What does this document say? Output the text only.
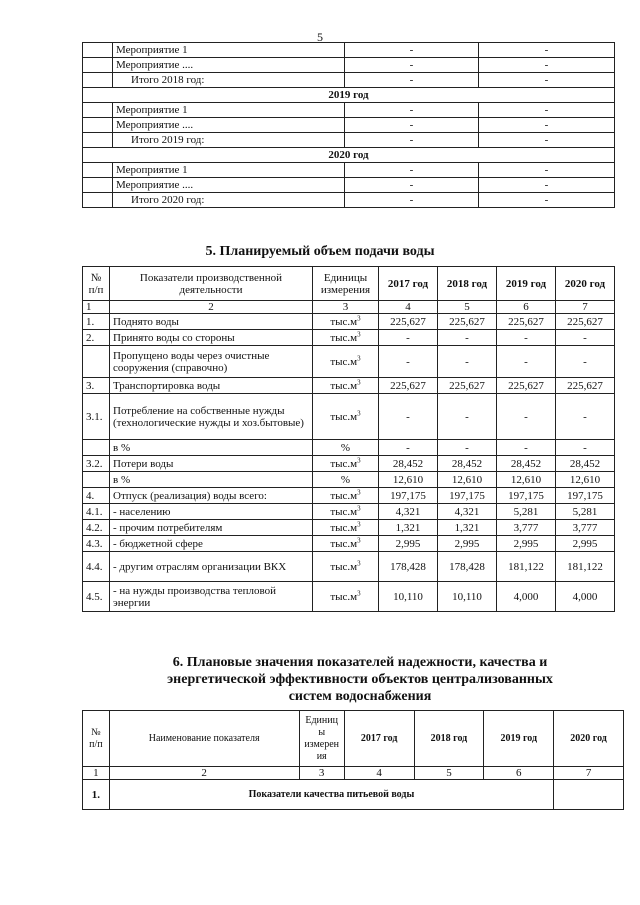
5
	Мероприятие 1	-	-
	Мероприятие ....	-	-
	Итого 2018 год:	-	-
2019 год			
	Мероприятие 1	-	-
	Мероприятие ....	-	-
	Итого 2019 год:	-	-
2020 год			
	Мероприятие 1	-	-
	Мероприятие ....	-	-
	Итого 2020 год:	-	-
5. Планируемый объем подачи воды
№ п/п	Показатели производственной деятельности	Единицы измерения	2017 год	2018 год	2019 год	2020 год
1	2	3	4	5	6	7
1.	Поднято воды	$тыс.м^3$	225,627	225,627	225,627	225,627
2.	Принято воды со стороны	$тыс.м^3$	-	-	-	-
	Пропущено воды через очистные сооружения (справочно)	$тыс.м^3$	-	-	-	-
3.	Транспортировка воды	$тыс.м^3$	225,627	225,627	225,627	225,627
3.1.	Потребление на собственные нужды (технологические нужды и хоз.бытовые)	$тыс.м^3$	-	-	-	-
	в %	%	-	-	-	-
3.2.	Потери воды	$тыс.м^3$	28,452	28,452	28,452	28,452
	в %	%	12,610	12,610	12,610	12,610
4.	Отпуск (реализация) воды всего:	$тыс.м^3$	197,175	197,175	197,175	197,175
4.1.	- населению	$тыс.м^3$	4,321	4,321	5,281	5,281
4.2.	- прочим потребителям	$тыс.м^3$	1,321	1,321	3,777	3,777
4.3.	- бюджетной сфере	$тыс.м^3$	2,995	2,995	2,995	2,995
4.4.	- другим отраслям организации ВКХ	$тыс.м^3$	178,428	178,428	181,122	181,122
4.5.	- на нужды производства тепловой энергии	$тыс.м^3$	10,110	10,110	4,000	4,000
6. Плановые значения показателей надежности, качества и энергетической эффективности объектов централизованных систем водоснабжения
№ п/п	Наименование показателя	Единиц ы измерен ия	2017 год	2018 год	2019 год	2020 год
1	2	3	4	5	6	7
1.	Показатели качества питьевой воды					
